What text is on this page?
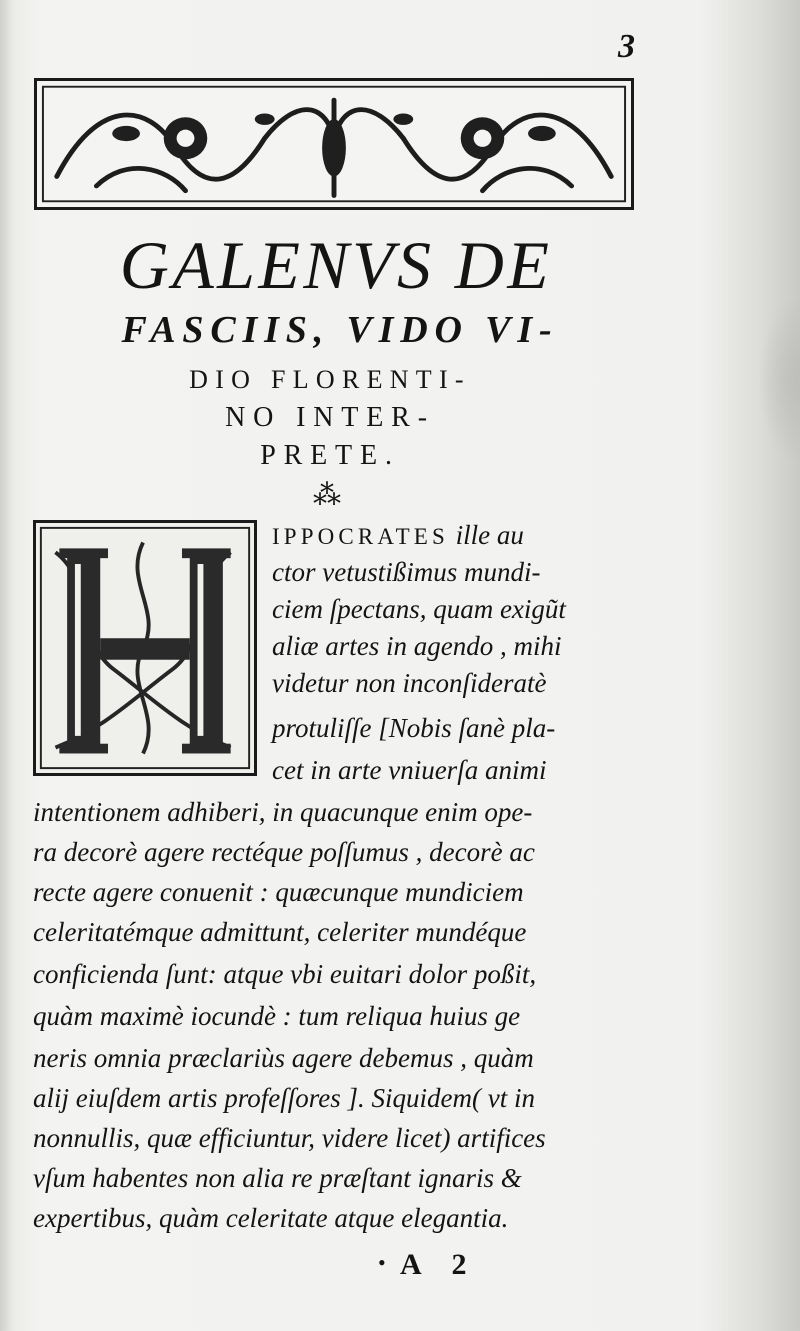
3
GALENVS DE
FASCIIS, VIDO VI-
DIO FLORENTI-
NO INTER-
PRETE.
⁂
IPPOCRATES ille au
ctor vetustißimus mundi-
ciem ſpectans, quam exigũt
aliæ artes in agendo , mihi
videtur non inconſideratè
protuliſſe [Nobis ſanè pla-
cet in arte vniuerſa animi
intentionem adhiberi, in quacunque enim ope-
ra decorè agere rectéque poſſumus , decorè ac
recte agere conuenit : quæcunque mundiciem
celeritatémque admittunt, celeriter mundéque
conficienda ſunt: atque vbi euitari dolor poßit,
quàm maximè iocundè : tum reliqua huius ge
neris omnia præclariùs agere debemus , quàm
alij eiuſdem artis profeſſores ]. Siquidem( vt in
nonnullis, quæ efficiuntur, videre licet) artifices
vſum habentes non alia re præſtant ignaris &
expertibus, quàm celeritate atque elegantia.
• A 2
